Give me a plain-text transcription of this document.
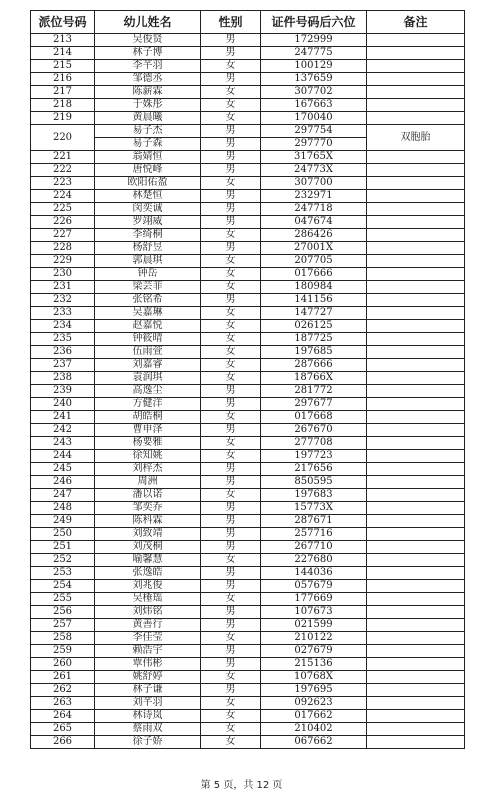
派位号码	幼儿姓名	性别	证件号码后六位	备注
213	吴俊贤	男	172999	
214	林子博	男	247775	
215	李芊羽	女	100129	
216	邹德丞	男	137659	
217	陈薪霖	女	307702	
218	于姝彤	女	167663	
219	黄晨曦	女	170040	
220	易子杰	男	297754	双胞胎
	易子森	男	297770	
221	翁婧恒	男	31765X	
222	唐悦峰	男	24773X	
223	欧阳佑盈	女	307700	
224	林楚恒	男	232971	
225	闵奕诚	男	247718	
226	罗翊威	男	047674	
227	李绮桐	女	286426	
228	杨舒昱	男	27001X	
229	郭晨琪	女	207705	
230	钟岳	女	017666	
231	梁芸菲	女	180984	
232	张铭希	男	141156	
233	吴嘉琳	女	147727	
234	赵嘉悦	女	026125	
235	钟筱晴	女	187725	
236	伍雨萱	女	197685	
237	刘嘉睿	女	287666	
238	袁润琪	女	18766X	
239	高逸尘	男	281772	
240	方健洋	男	297677	
241	胡皓桐	女	017668	
242	曹申泽	男	267670	
243	杨要雅	女	277708	
244	徐知姚	女	197723	
245	刘梓杰	男	217656	
246	周洲	男	850595	
247	潘以诺	女	197683	
248	邹奕乔	男	15773X	
249	陈科霖	男	287671	
250	刘致靖	男	257716	
251	刘茂桐	男	267710	
252	喻馨慧	女	227680	
253	张逸皓	男	144036	
254	刘兆俊	男	057679	
255	吴棰瑶	女	177669	
256	刘炜铭	男	107673	
257	黄善行	男	021599	
258	李佳莹	女	210122	
259	赖浩宇	男	027679	
260	覃伟彬	男	215136	
261	姚舒婷	女	10768X	
262	林子谦	男	197695	
263	刘芊羽	女	092623	
264	林诗岚	女	017662	
265	蔡雨双	女	210402	
266	徐子娇	女	067662	
第 5 页，共 12 页
